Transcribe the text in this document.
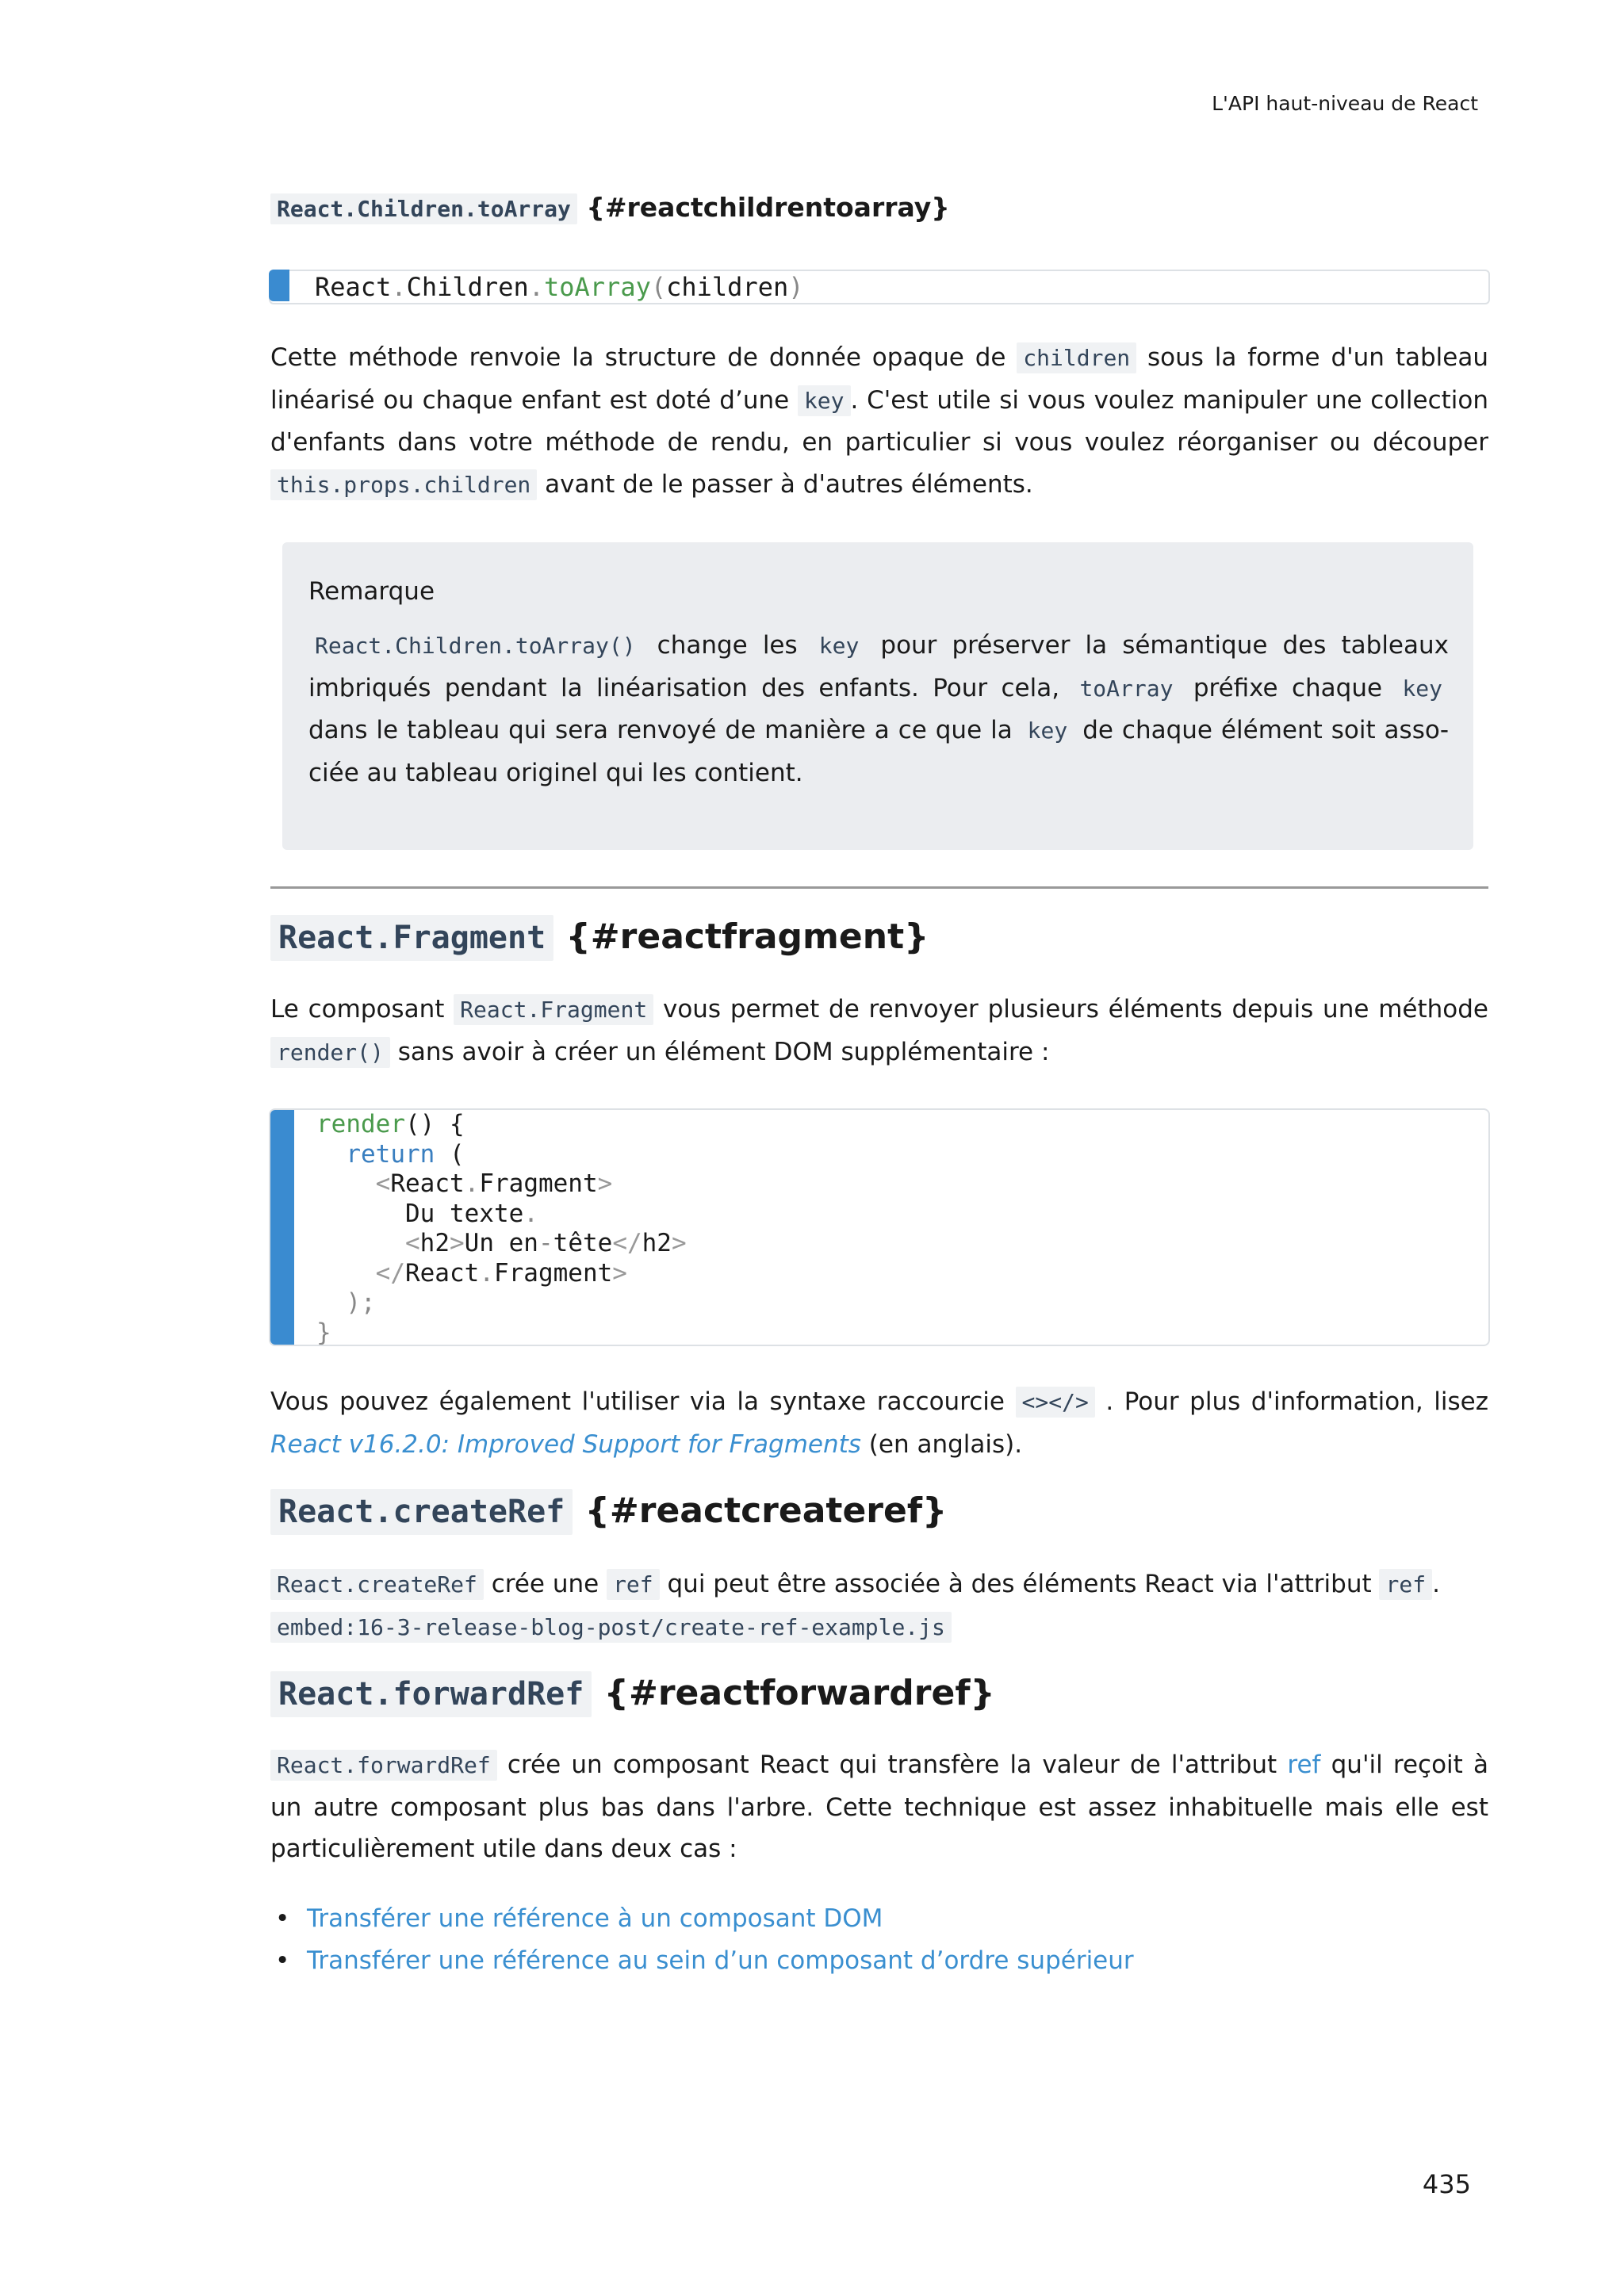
L'API haut-niveau de React
React.Children.toArray {#reactchildrentoarray}
React.Children.toArray(children)
Cette méthode renvoie la structure de donnée opaque de children sous la forme d'un tableau linéarisé ou chaque enfant est doté d’une key . C'est utile si vous voulez manipuler une collection d'enfants dans votre méthode de rendu, en particulier si vous voulez réorganiser ou découper this.props.children avant de le passer à d'autres éléments.
Remarque
React.Children.toArray() change les key pour préserver la sémantique des tableaux imbriqués pendant la linéarisation des enfants. Pour cela, toArray préfixe chaque key dans le tableau qui sera renvoyé de manière a ce que la key de chaque élément soit associée au tableau originel qui les contient.
React.Fragment {#reactfragment}
Le composant React.Fragment vous permet de renvoyer plusieurs éléments depuis une méthode render() sans avoir à créer un élément DOM supplémentaire :
render() {
return (
<React.Fragment>
Du texte.
<h2>Un en-tête</h2>
</React.Fragment>
);
}
Vous pouvez également l'utiliser via la syntaxe raccourcie <></> . Pour plus d'information, lisez React v16.2.0: Improved Support for Fragments (en anglais).
React.createRef {#reactcreateref}
React.createRef crée une ref qui peut être associée à des éléments React via l'attribut ref .
embed:16-3-release-blog-post/create-ref-example.js
React.forwardRef {#reactforwardref}
React.forwardRef crée un composant React qui transfère la valeur de l'attribut ref qu'il reçoit à un autre composant plus bas dans l'arbre. Cette technique est assez inhabituelle mais elle est particulièrement utile dans deux cas :
• Transférer une référence à un composant DOM
• Transférer une référence au sein d’un composant d’ordre supérieur
435
